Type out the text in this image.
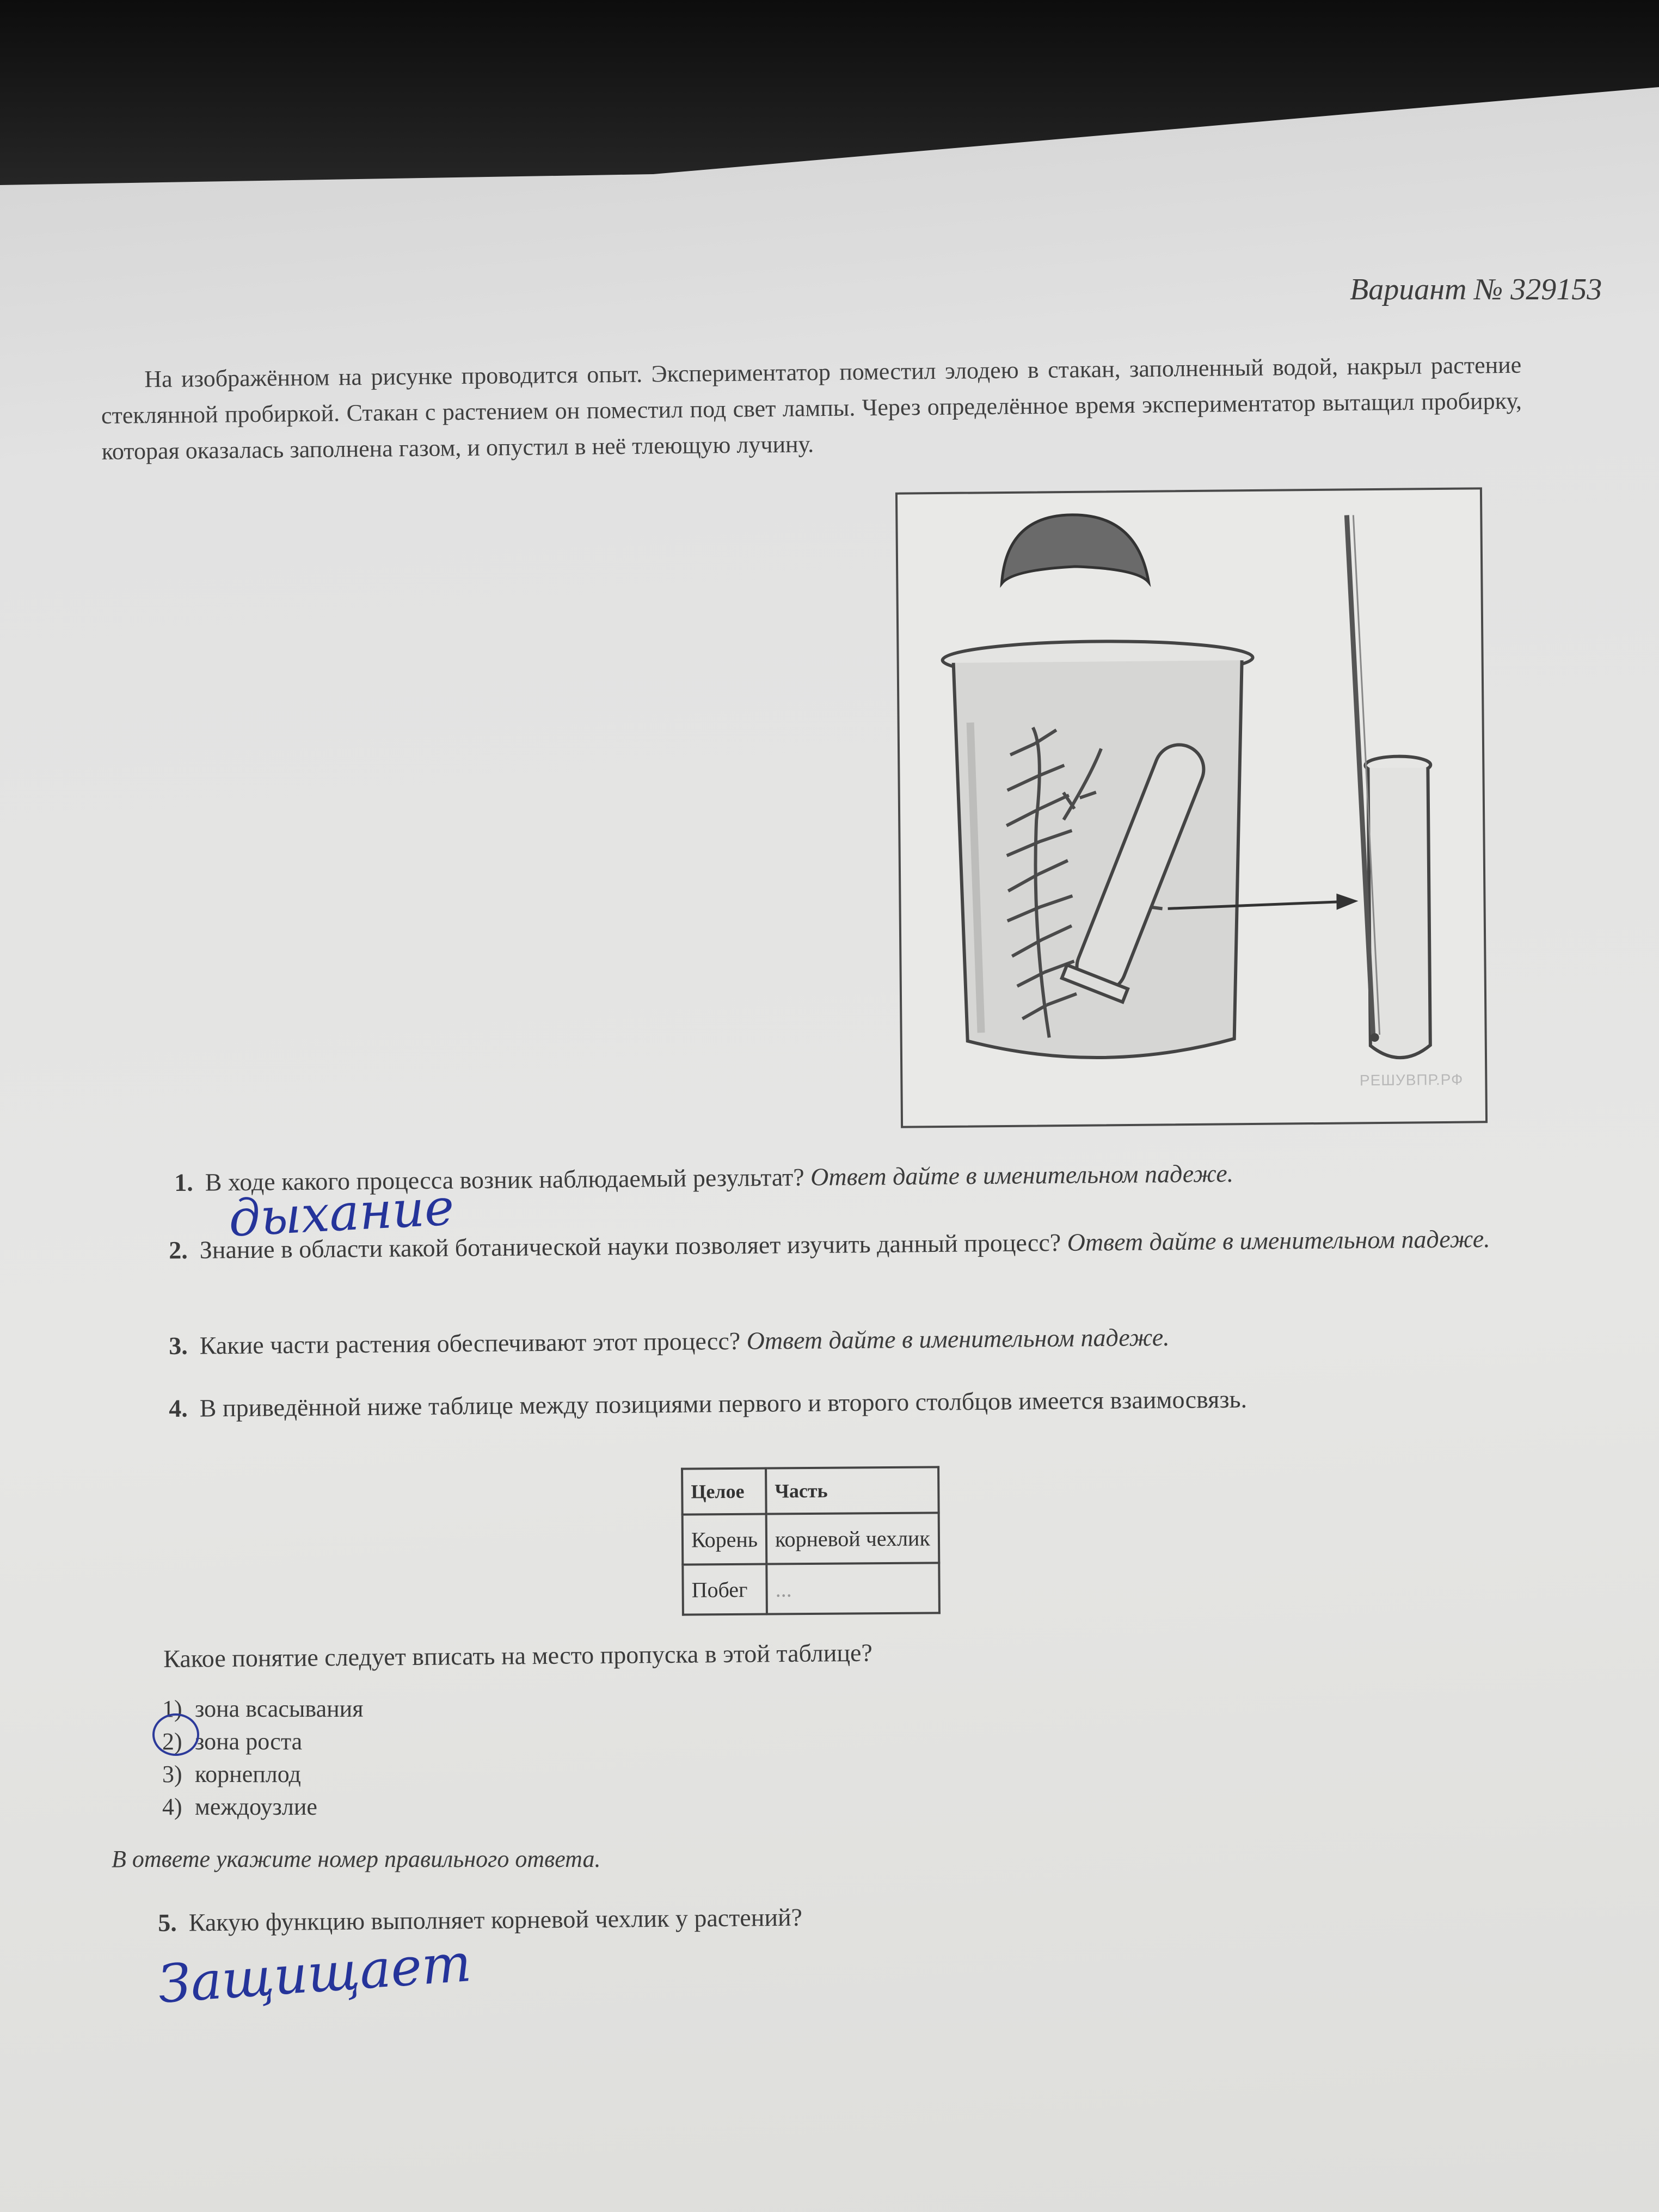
Вариант № 329153
На изображённом на рисунке проводится опыт. Экспериментатор поместил элодею в стакан, заполненный водой, накрыл растение стеклянной пробиркой. Стакан с растением он поместил под свет лампы. Через определённое время экспериментатор вытащил пробирку, которая оказалась заполнена газом, и опустил в неё тлеющую лучину.
РЕШУВПР.РФ
1. В ходе какого процесса возник наблюдаемый результат? Ответ дайте в именительном падеже.
дыхание
2. Знание в области какой ботанической науки позволяет изучить данный процесс? Ответ дайте в именительном падеже.
3. Какие части растения обеспечивают этот процесс? Ответ дайте в именительном падеже.
4. В приведённой ниже таблице между позициями первого и второго столбцов имеется взаимосвязь.
Целое	Часть
Корень	корневой чехлик
Побег	...
Какое понятие следует вписать на место пропуска в этой таблице?
1) зона всасывания
2) зона роста
3) корнеплод
4) междоузлие
В ответе укажите номер правильного ответа.
5. Какую функцию выполняет корневой чехлик у растений?
Защищает
